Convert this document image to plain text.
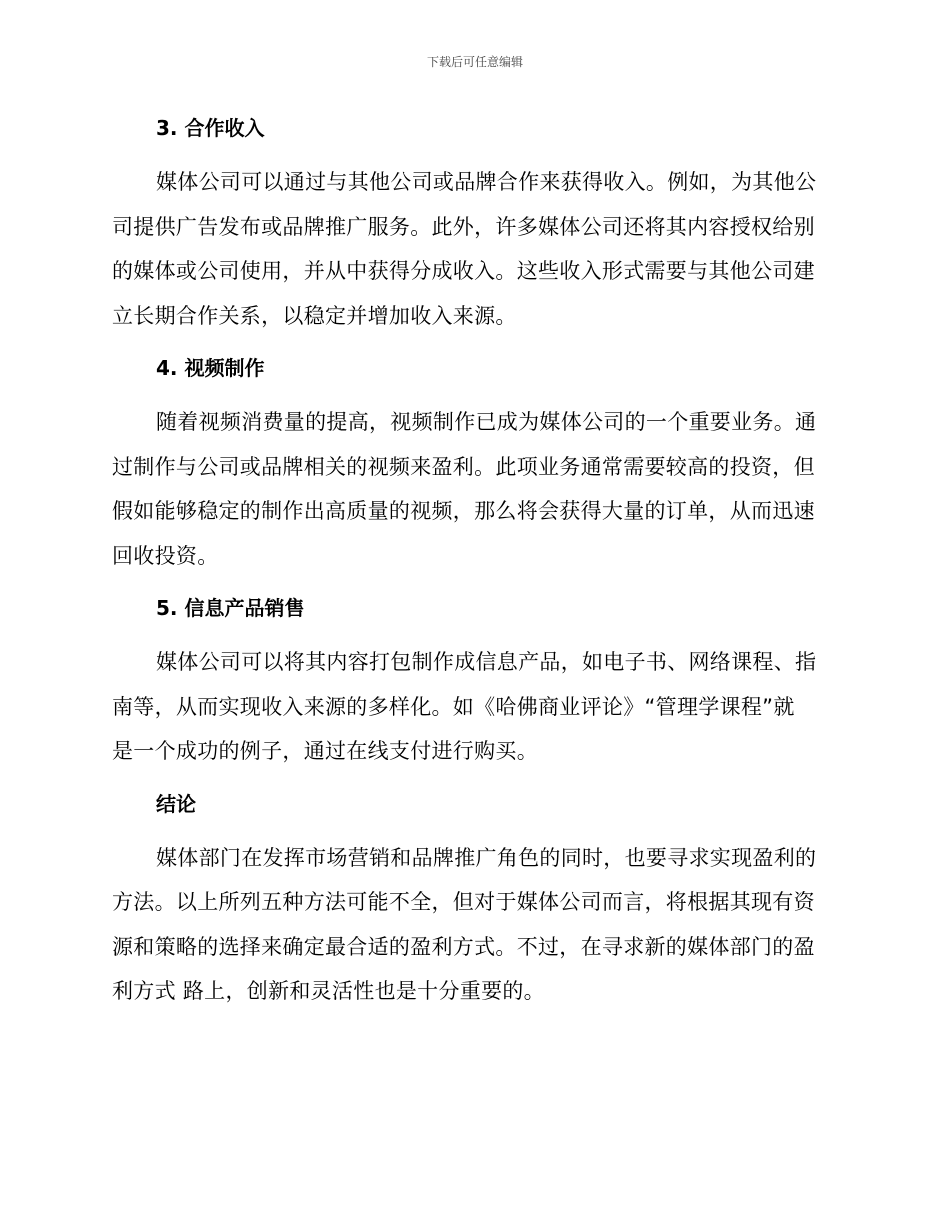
下载后可任意编辑
3. 合作收入

媒体公司可以通过与其他公司或品牌合作来获得收入。例如，为其他公
司提供广告发布或品牌推广服务。此外，许多媒体公司还将其内容授权给别
的媒体或公司使用，并从中获得分成收入。这些收入形式需要与其他公司建
立长期合作关系，以稳定并增加收入来源。

4. 视频制作

随着视频消费量的提高，视频制作已成为媒体公司的一个重要业务。通
过制作与公司或品牌相关的视频来盈利。此项业务通常需要较高的投资，但
假如能够稳定的制作出高质量的视频，那么将会获得大量的订单，从而迅速
回收投资。

5. 信息产品销售

媒体公司可以将其内容打包制作成信息产品，如电子书、网络课程、指
南等，从而实现收入来源的多样化。如《哈佛商业评论》“管理学课程”就
是一个成功的例子，通过在线支付进行购买。

结论

媒体部门在发挥市场营销和品牌推广角色的同时，也要寻求实现盈利的
方法。以上所列五种方法可能不全，但对于媒体公司而言，将根据其现有资
源和策略的选择来确定最合适的盈利方式。不过，在寻求新的媒体部门的盈
利方式 路上，创新和灵活性也是十分重要的。
